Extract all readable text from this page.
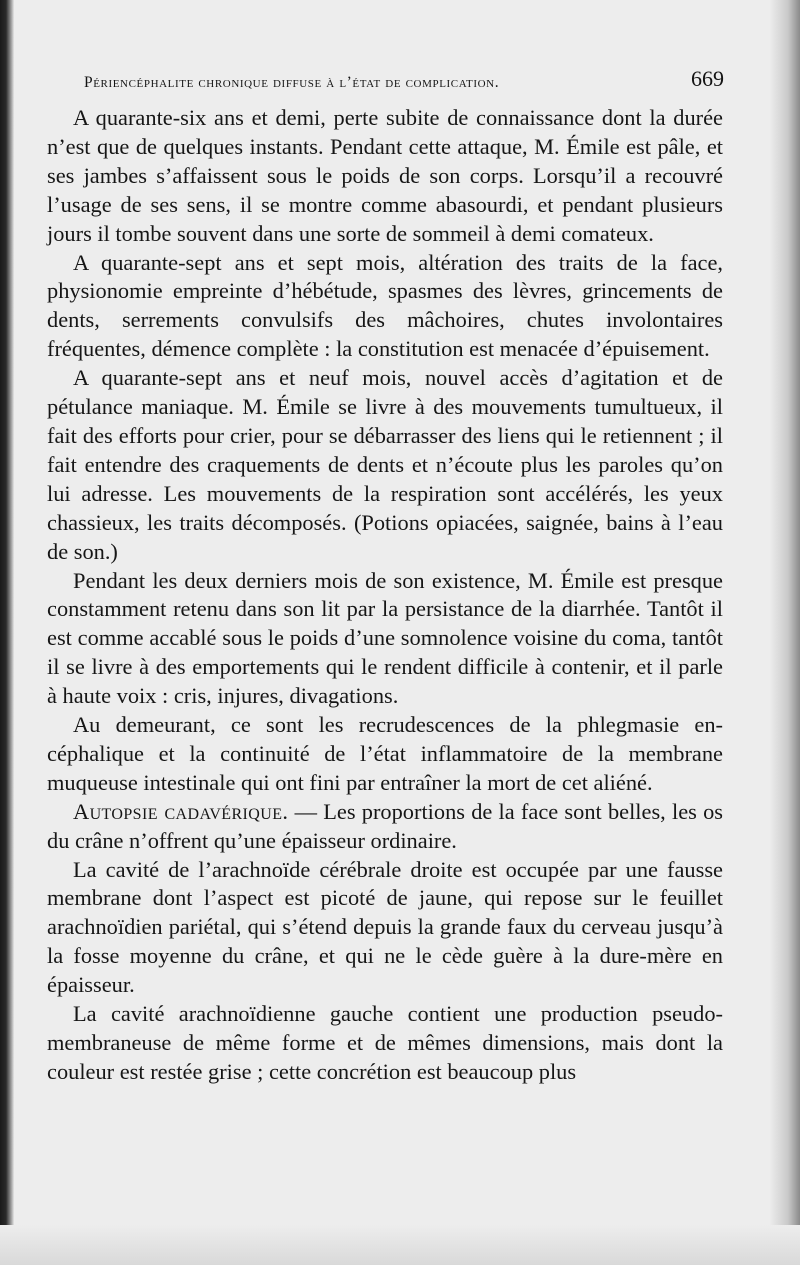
Périencéphalite chronique diffuse à l’état de complication.	669

A quarante-six ans et demi, perte subite de connaissance dont la durée n’est que de quelques instants. Pendant cette attaque, M. Émile est pâle, et ses jambes s’affaissent sous le poids de son corps. Lorsqu’il a recouvré l’usage de ses sens, il se montre comme abasourdi, et pendant plusieurs jours il tombe souvent dans une sorte de sommeil à demi comateux.

A quarante-sept ans et sept mois, altération des traits de la face, physionomie empreinte d’hébétude, spasmes des lèvres, grincements de dents, serrements convulsifs des mâchoires, chutes involontaires fréquentes, démence complète : la constitution est menacée d’épuisement.

A quarante-sept ans et neuf mois, nouvel accès d’agitation et de pétulance maniaque. M. Émile se livre à des mouvements tumultueux, il fait des efforts pour crier, pour se débarrasser des liens qui le retiennent ; il fait entendre des craquements de dents et n’écoute plus les paroles qu’on lui adresse. Les mouvements de la respiration sont accélérés, les yeux chassieux, les traits décomposés. (Potions opiacées, saignée, bains à l’eau de son.)

Pendant les deux derniers mois de son existence, M. Émile est presque constamment retenu dans son lit par la persistance de la diarrhée. Tantôt il est comme accablé sous le poids d’une somnolence voisine du coma, tantôt il se livre à des emportements qui le rendent difficile à contenir, et il parle à haute voix : cris, injures, divagations.

Au demeurant, ce sont les recrudescences de la phlegmasie encéphalique et la continuité de l’état inflammatoire de la membrane muqueuse intestinale qui ont fini par entraîner la mort de cet aliéné.

Autopsie cadavérique. — Les proportions de la face sont belles, les os du crâne n’offrent qu’une épaisseur ordinaire.

La cavité de l’arachnoïde cérébrale droite est occupée par une fausse membrane dont l’aspect est picoté de jaune, qui repose sur le feuillet arachnoïdien pariétal, qui s’étend depuis la grande faux du cerveau jusqu’à la fosse moyenne du crâne, et qui ne le cède guère à la dure-mère en épaisseur.

La cavité arachnoïdienne gauche contient une production pseudomembraneuse de même forme et de mêmes dimensions, mais dont la couleur est restée grise ; cette concrétion est beaucoup plus
